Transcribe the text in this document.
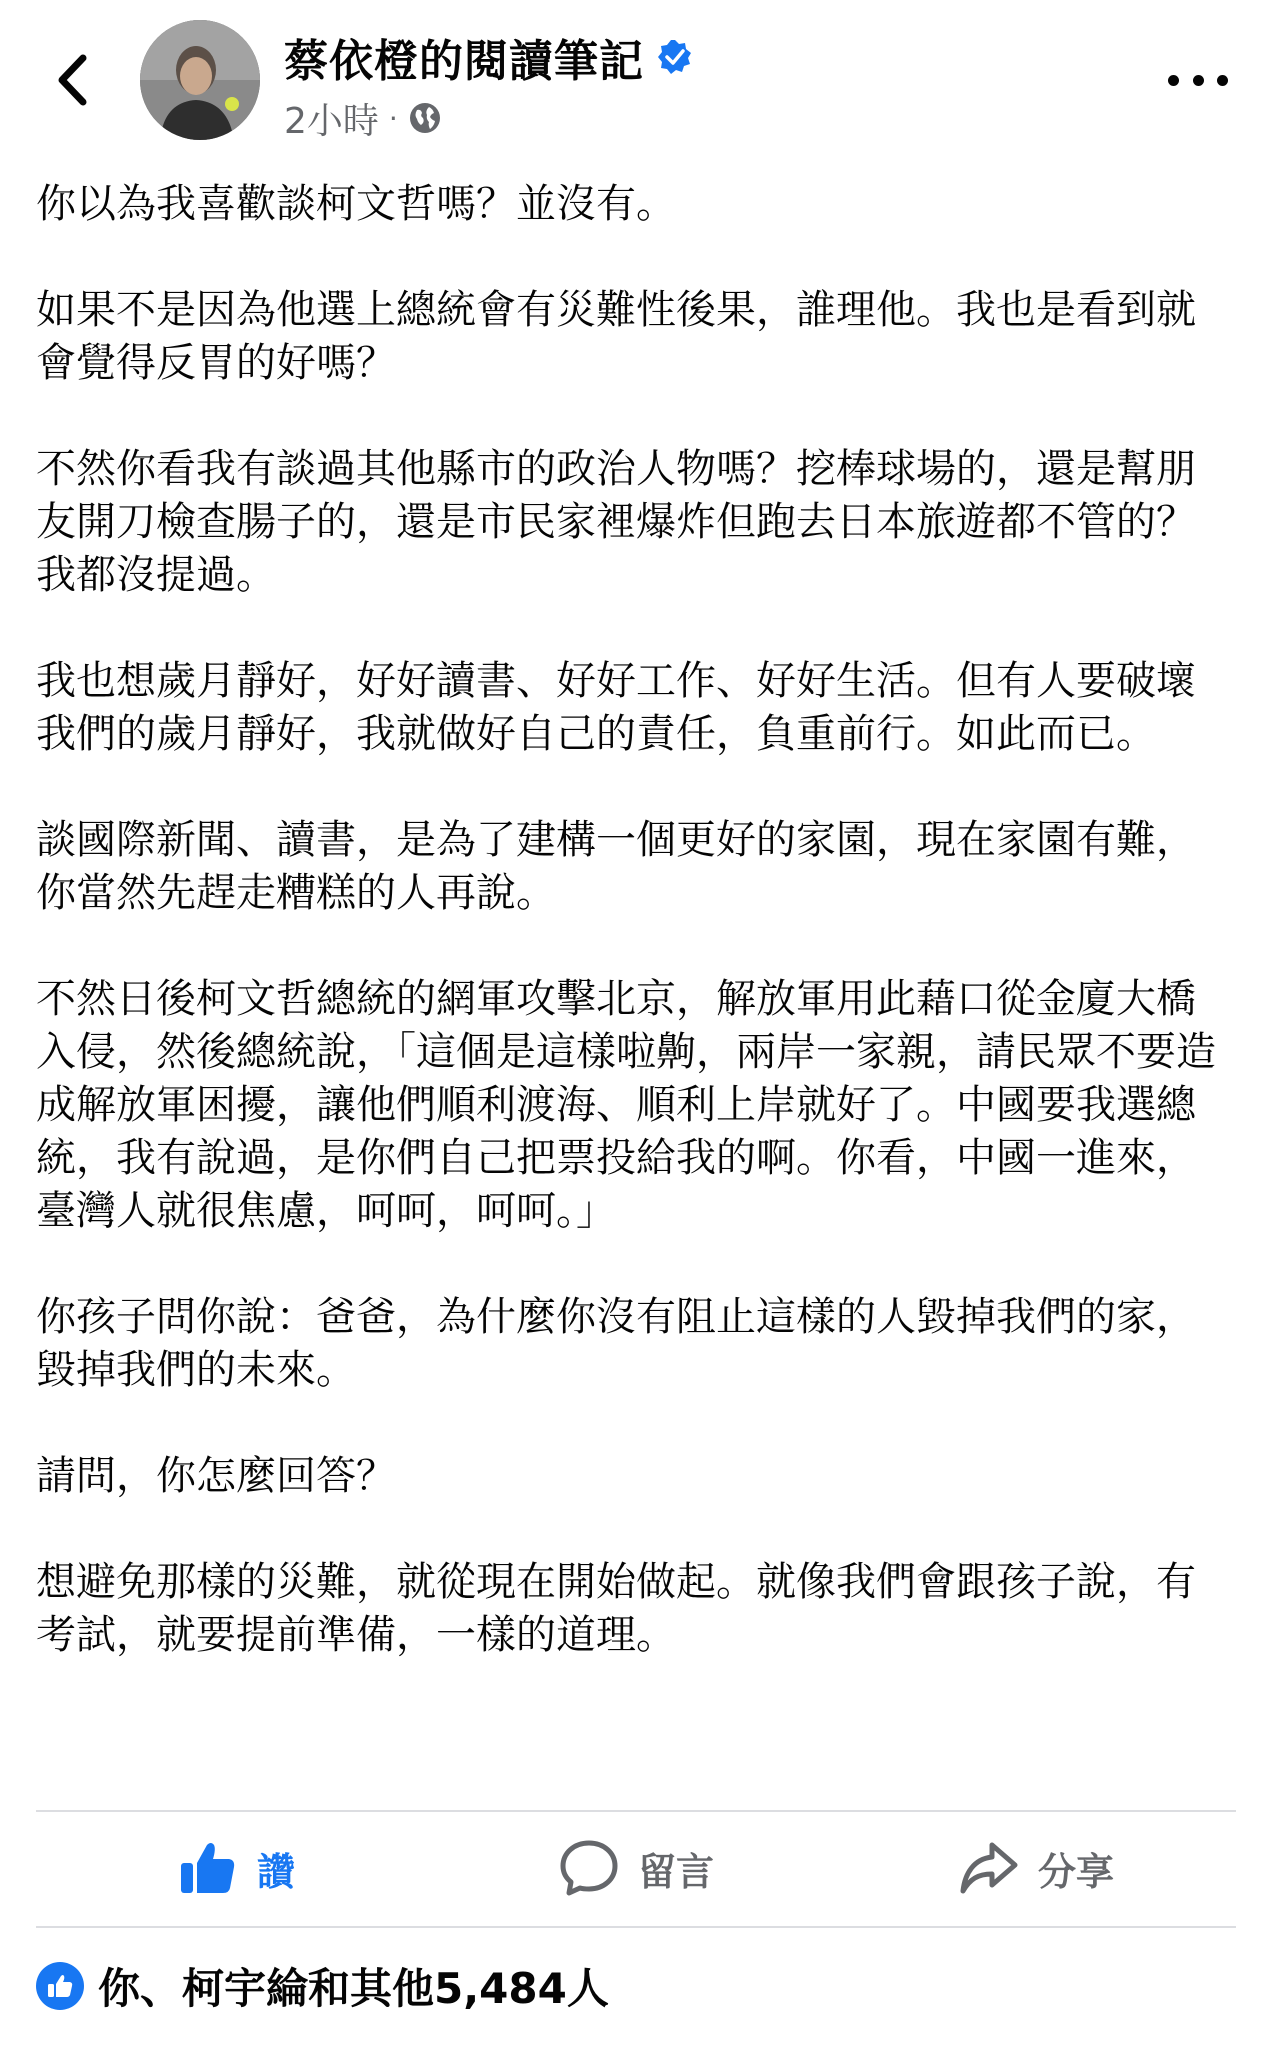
蔡依橙的閱讀筆記
2小時 ·

你以為我喜歡談柯文哲嗎？並沒有。

如果不是因為他選上總統會有災難性後果，誰理他。我也是看到就會覺得反胃的好嗎？

不然你看我有談過其他縣市的政治人物嗎？挖棒球場的，還是幫朋友開刀檢查腸子的，還是市民家裡爆炸但跑去日本旅遊都不管的？我都沒提過。

我也想歲月靜好，好好讀書、好好工作、好好生活。但有人要破壞我們的歲月靜好，我就做好自己的責任，負重前行。如此而已。

談國際新聞、讀書，是為了建構一個更好的家園，現在家園有難，你當然先趕走糟糕的人再說。

不然日後柯文哲總統的網軍攻擊北京，解放軍用此藉口從金廈大橋入侵，然後總統說，「這個是這樣啦齁，兩岸一家親，請民眾不要造成解放軍困擾，讓他們順利渡海、順利上岸就好了。中國要我選總統，我有說過，是你們自己把票投給我的啊。你看，中國一進來，臺灣人就很焦慮，呵呵，呵呵。」

你孩子問你說：爸爸，為什麼你沒有阻止這樣的人毀掉我們的家，毀掉我們的未來。

請問，你怎麼回答？

想避免那樣的災難，就從現在開始做起。就像我們會跟孩子說，有考試，就要提前準備，一樣的道理。

讚	留言	分享
你、柯宇綸和其他5,484人
